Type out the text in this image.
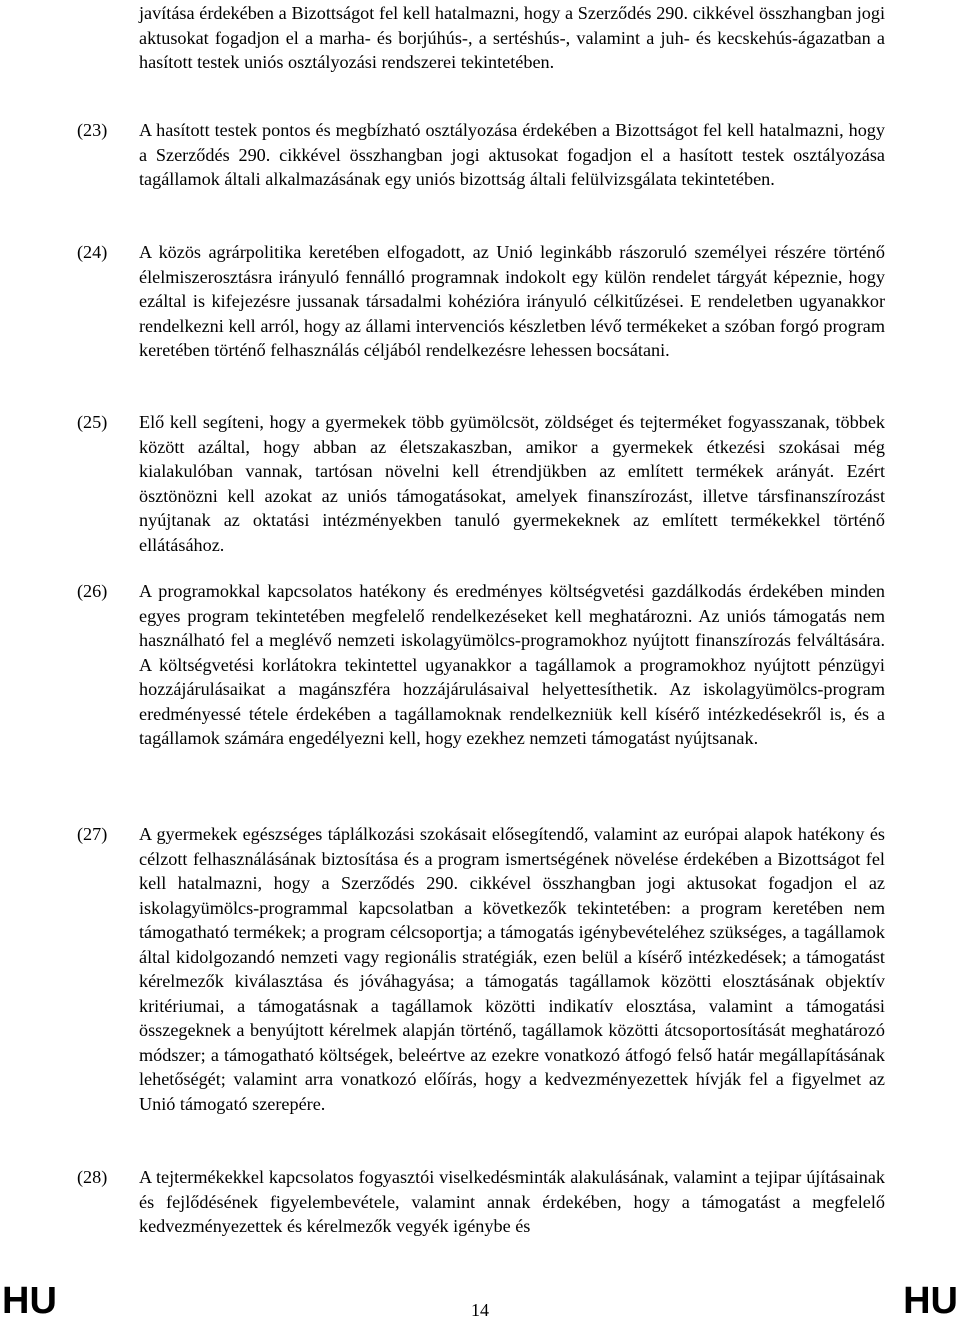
javítása érdekében a Bizottságot fel kell hatalmazni, hogy a Szerződés 290. cikkével összhangban jogi aktusokat fogadjon el a marha- és borjúhús-, a sertéshús-, valamint a juh- és kecskehús-ágazatban a hasított testek uniós osztályozási rendszerei tekintetében.
(23)	A hasított testek pontos és megbízható osztályozása érdekében a Bizottságot fel kell hatalmazni, hogy a Szerződés 290. cikkével összhangban jogi aktusokat fogadjon el a hasított testek osztályozása tagállamok általi alkalmazásának egy uniós bizottság általi felülvizsgálata tekintetében.
(24)	A közös agrárpolitika keretében elfogadott, az Unió leginkább rászoruló személyei részére történő élelmiszerosztásra irányuló fennálló programnak indokolt egy külön rendelet tárgyát képeznie, hogy ezáltal is kifejezésre jussanak társadalmi kohézióra irányuló célkitűzései. E rendeletben ugyanakkor rendelkezni kell arról, hogy az állami intervenciós készletben lévő termékeket a szóban forgó program keretében történő felhasználás céljából rendelkezésre lehessen bocsátani.
(25)	Elő kell segíteni, hogy a gyermekek több gyümölcsöt, zöldséget és tejterméket fogyasszanak, többek között azáltal, hogy abban az életszakaszban, amikor a gyermekek étkezési szokásai még kialakulóban vannak, tartósan növelni kell étrendjükben az említett termékek arányát. Ezért ösztönözni kell azokat az uniós támogatásokat, amelyek finanszírozást, illetve társfinanszírozást nyújtanak az oktatási intézményekben tanuló gyermekeknek az említett termékekkel történő ellátásához.
(26)	A programokkal kapcsolatos hatékony és eredményes költségvetési gazdálkodás érdekében minden egyes program tekintetében megfelelő rendelkezéseket kell meghatározni. Az uniós támogatás nem használható fel a meglévő nemzeti iskolagyümölcs-programokhoz nyújtott finanszírozás felváltására. A költségvetési korlátokra tekintettel ugyanakkor a tagállamok a programokhoz nyújtott pénzügyi hozzájárulásaikat a magánszféra hozzájárulásaival helyettesíthetik. Az iskolagyümölcs-program eredményessé tétele érdekében a tagállamoknak rendelkezniük kell kísérő intézkedésekről is, és a tagállamok számára engedélyezni kell, hogy ezekhez nemzeti támogatást nyújtsanak.
(27)	A gyermekek egészséges táplálkozási szokásait elősegítendő, valamint az európai alapok hatékony és célzott felhasználásának biztosítása és a program ismertségének növelése érdekében a Bizottságot fel kell hatalmazni, hogy a Szerződés 290. cikkével összhangban jogi aktusokat fogadjon el az iskolagyümölcs-programmal kapcsolatban a következők tekintetében: a program keretében nem támogatható termékek; a program célcsoportja; a támogatás igénybevételéhez szükséges, a tagállamok által kidolgozandó nemzeti vagy regionális stratégiák, ezen belül a kísérő intézkedések; a támogatást kérelmezők kiválasztása és jóváhagyása; a támogatás tagállamok közötti elosztásának objektív kritériumai, a támogatásnak a tagállamok közötti indikatív elosztása, valamint a támogatási összegeknek a benyújtott kérelmek alapján történő, tagállamok közötti átcsoportosítását meghatározó módszer; a támogatható költségek, beleértve az ezekre vonatkozó átfogó felső határ megállapításának lehetőségét; valamint arra vonatkozó előírás, hogy a kedvezményezettek hívják fel a figyelmet az Unió támogató szerepére.
(28)	A tejtermékekkel kapcsolatos fogyasztói viselkedésminták alakulásának, valamint a tejipar újításainak és fejlődésének figyelembevétele, valamint annak érdekében, hogy a támogatást a megfelelő kedvezményezettek és kérelmezők vegyék igénybe és
HU	14	HU
